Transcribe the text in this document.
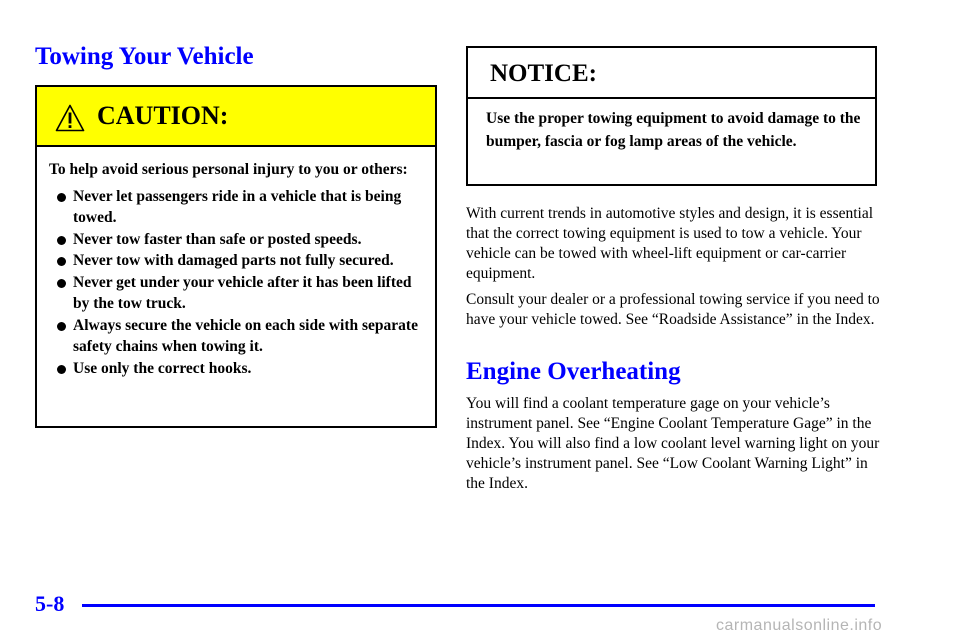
Towing Your Vehicle
CAUTION:

To help avoid serious personal injury to you or others:

Never let passengers ride in a vehicle that is being towed.
Never tow faster than safe or posted speeds.
Never tow with damaged parts not fully secured.
Never get under your vehicle after it has been lifted by the tow truck.
Always secure the vehicle on each side with separate safety chains when towing it.
Use only the correct hooks.
NOTICE:

Use the proper towing equipment to avoid damage to the bumper, fascia or fog lamp areas of the vehicle.

With current trends in automotive styles and design, it is essential that the correct towing equipment is used to tow a vehicle. Your vehicle can be towed with wheel-lift equipment or car-carrier equipment.

Consult your dealer or a professional towing service if you need to have your vehicle towed. See “Roadside Assistance” in the Index.

Engine Overheating

You will find a coolant temperature gage on your vehicle’s instrument panel. See “Engine Coolant Temperature Gage” in the Index. You will also find a low coolant level warning light on your vehicle’s instrument panel. See “Low Coolant Warning Light” in the Index.

5-8
carmanualsonline.info
